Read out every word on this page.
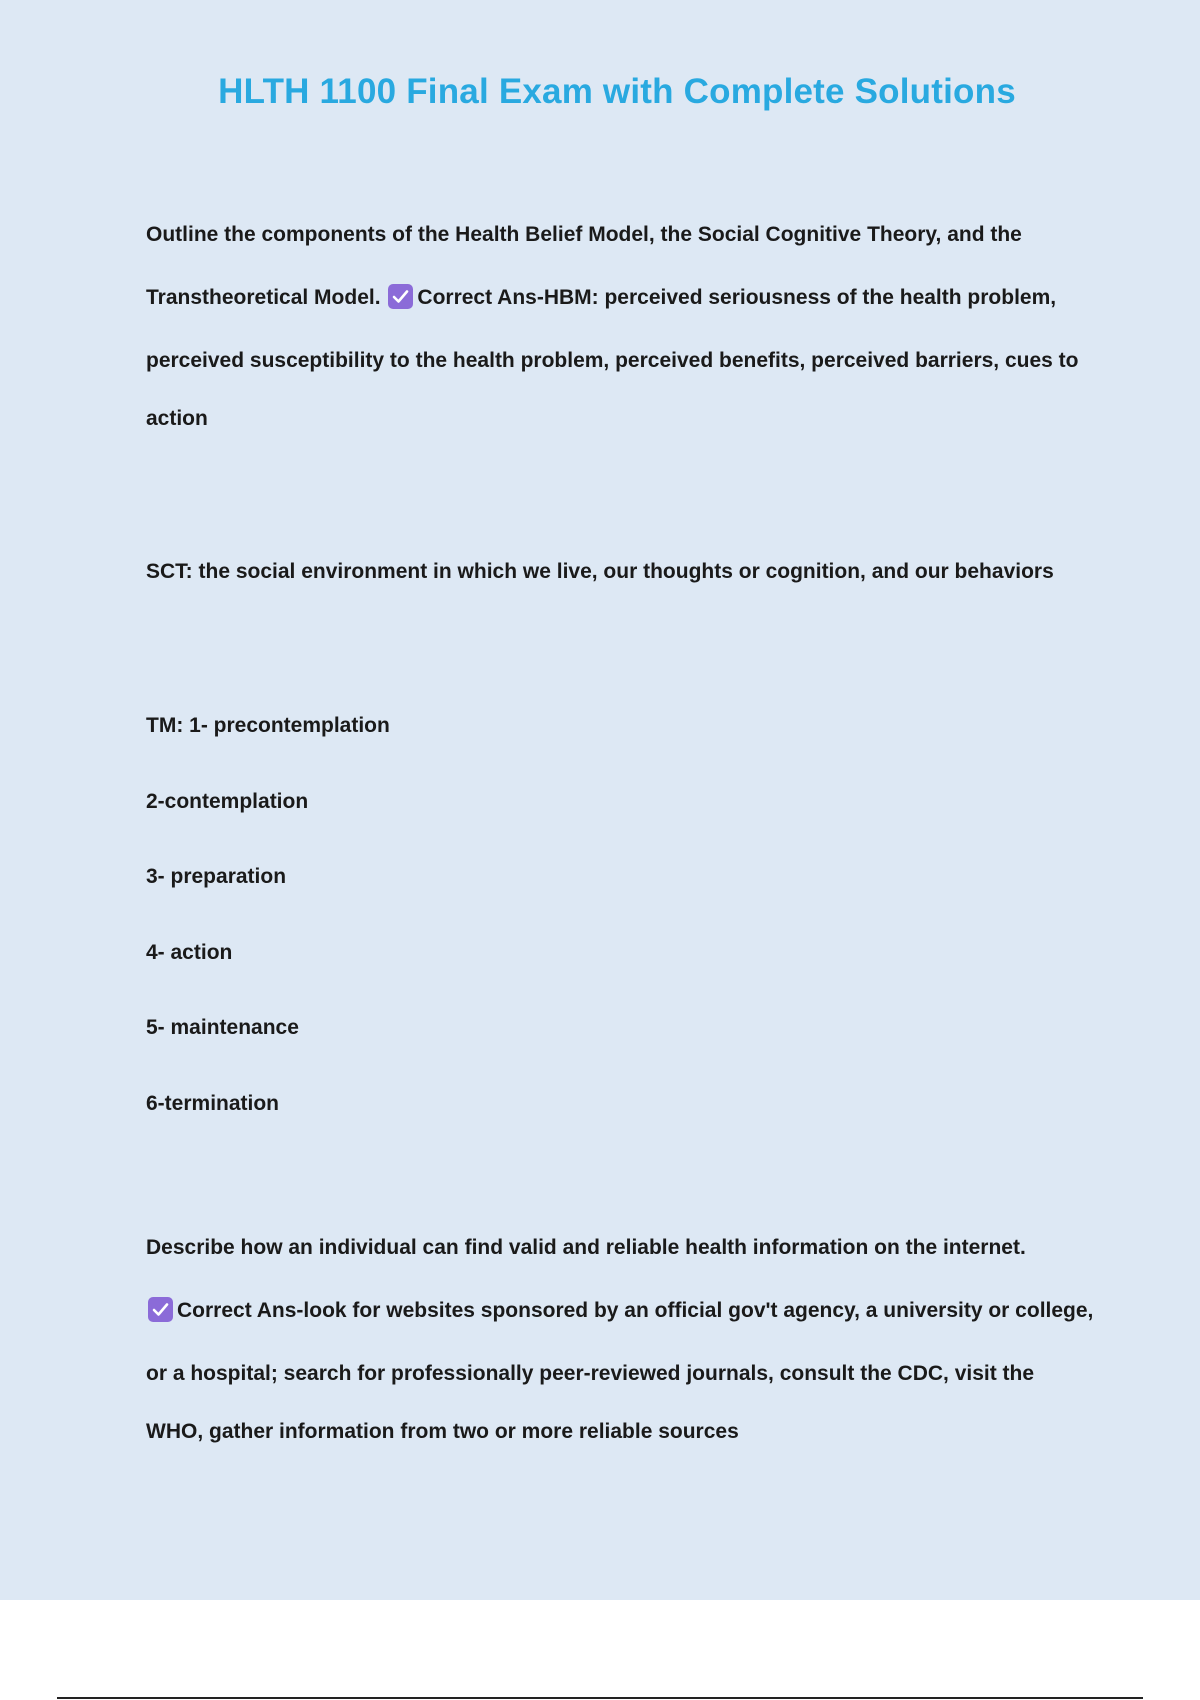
HLTH 1100 Final Exam with Complete Solutions
Outline the components of the Health Belief Model, the Social Cognitive Theory, and the
Transtheoretical Model.
Correct Ans-HBM: perceived seriousness of the health problem,
perceived susceptibility to the health problem, perceived benefits, perceived barriers, cues to
action
SCT: the social environment in which we live, our thoughts or cognition, and our behaviors
TM: 1- precontemplation
2-contemplation
3- preparation
4- action
5- maintenance
6-termination
Describe how an individual can find valid and reliable health information on the internet.
Correct Ans-look for websites sponsored by an official gov't agency, a university or college,
or a hospital; search for professionally peer-reviewed journals, consult the CDC, visit the
WHO, gather information from two or more reliable sources
